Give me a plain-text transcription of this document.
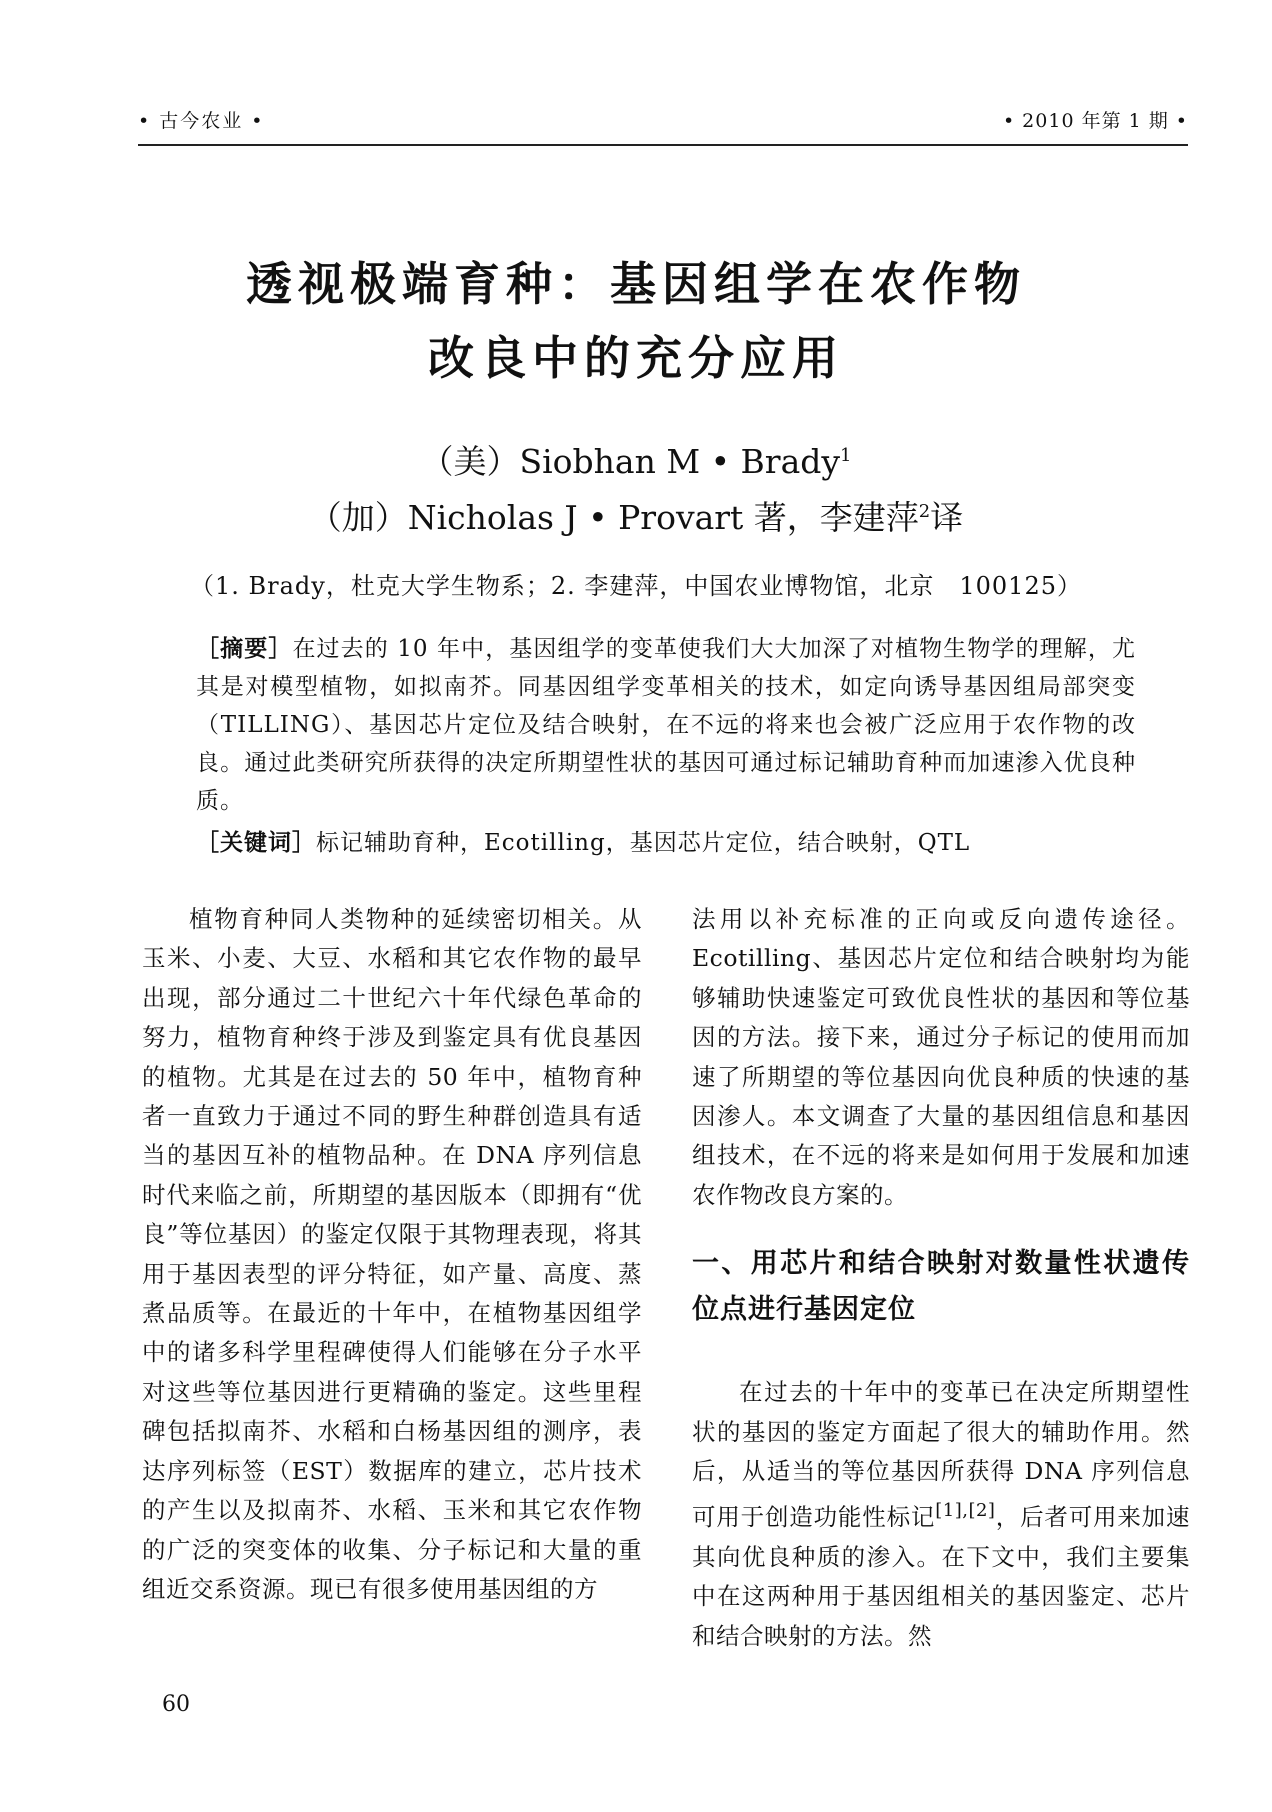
• 古今农业 •	• 2010 年第 1 期 •
透视极端育种：基因组学在农作物
改良中的充分应用
（美）Siobhan M • Brady$^1$
（加）Nicholas J • Provart 著，李建萍$^2$译
（1. Brady，杜克大学生物系；2. 李建萍，中国农业博物馆，北京　100125）
［摘要］在过去的 10 年中，基因组学的变革使我们大大加深了对植物生物学的理解，尤其是对模型植物，如拟南芥。同基因组学变革相关的技术，如定向诱导基因组局部突变（TILLING）、基因芯片定位及结合映射，在不远的将来也会被广泛应用于农作物的改良。通过此类研究所获得的决定所期望性状的基因可通过标记辅助育种而加速渗入优良种质。
［关键词］标记辅助育种，Ecotilling，基因芯片定位，结合映射，QTL

植物育种同人类物种的延续密切相关。从玉米、小麦、大豆、水稻和其它农作物的最早出现，部分通过二十世纪六十年代绿色革命的努力，植物育种终于涉及到鉴定具有优良基因的植物。尤其是在过去的 50 年中，植物育种者一直致力于通过不同的野生种群创造具有适当的基因互补的植物品种。在 DNA 序列信息时代来临之前，所期望的基因版本（即拥有“优良”等位基因）的鉴定仅限于其物理表现，将其用于基因表型的评分特征，如产量、高度、蒸煮品质等。在最近的十年中，在植物基因组学中的诸多科学里程碑使得人们能够在分子水平对这些等位基因进行更精确的鉴定。这些里程碑包括拟南芥、水稻和白杨基因组的测序，表达序列标签（EST）数据库的建立，芯片技术的产生以及拟南芥、水稻、玉米和其它农作物的广泛的突变体的收集、分子标记和大量的重组近交系资源。现已有很多使用基因组的方

法用以补充标准的正向或反向遗传途径。Ecotilling、基因芯片定位和结合映射均为能够辅助快速鉴定可致优良性状的基因和等位基因的方法。接下来，通过分子标记的使用而加速了所期望的等位基因向优良种质的快速的基因渗人。本文调查了大量的基因组信息和基因组技术，在不远的将来是如何用于发展和加速农作物改良方案的。

一、用芯片和结合映射对数量性状遗传位点进行基因定位

在过去的十年中的变革已在决定所期望性状的基因的鉴定方面起了很大的辅助作用。然后，从适当的等位基因所获得 DNA 序列信息可用于创造功能性标记[1],[2]，后者可用来加速其向优良种质的渗入。在下文中，我们主要集中在这两种用于基因组相关的基因鉴定、芯片和结合映射的方法。然

60
